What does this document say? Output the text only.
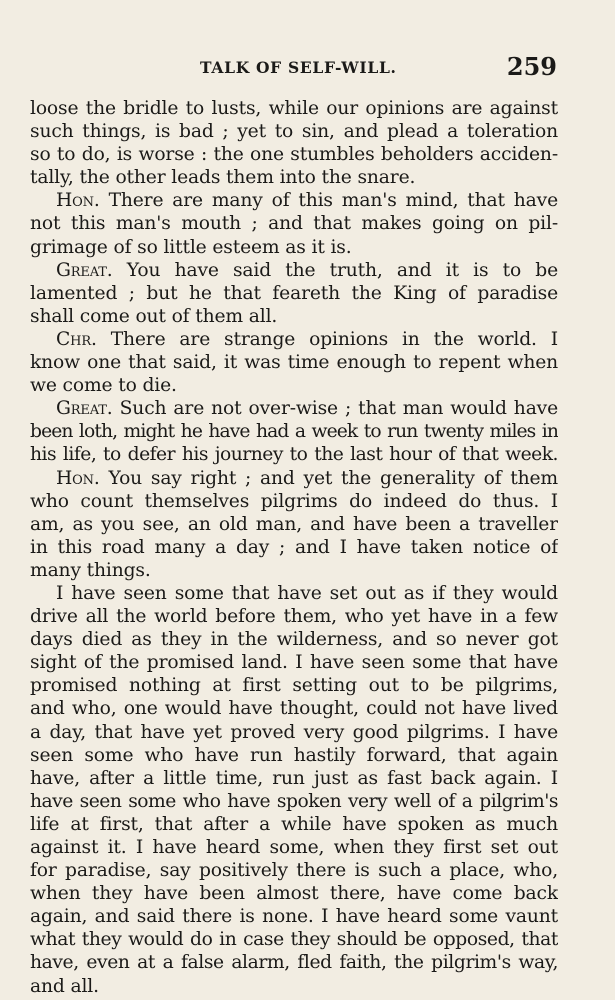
TALK OF SELF-WILL.	259
loose the bridle to lusts, while our opinions are against
such things, is bad ; yet to sin, and plead a toleration
so to do, is worse : the one stumbles beholders acciden-
tally, the other leads them into the snare.
Hon. There are many of this man's mind, that have
not this man's mouth ; and that makes going on pil-
grimage of so little esteem as it is.
Great. You have said the truth, and it is to be
lamented ; but he that feareth the King of paradise
shall come out of them all.
Chr. There are strange opinions in the world. I
know one that said, it was time enough to repent when
we come to die.
Great. Such are not over-wise ; that man would have
been loth, might he have had a week to run twenty miles in
his life, to defer his journey to the last hour of that week.
Hon. You say right ; and yet the generality of them
who count themselves pilgrims do indeed do thus. I
am, as you see, an old man, and have been a traveller
in this road many a day ; and I have taken notice of
many things.
I have seen some that have set out as if they would
drive all the world before them, who yet have in a few
days died as they in the wilderness, and so never got
sight of the promised land. I have seen some that have
promised nothing at first setting out to be pilgrims,
and who, one would have thought, could not have lived
a day, that have yet proved very good pilgrims. I have
seen some who have run hastily forward, that again
have, after a little time, run just as fast back again. I
have seen some who have spoken very well of a pilgrim's
life at first, that after a while have spoken as much
against it. I have heard some, when they first set out
for paradise, say positively there is such a place, who,
when they have been almost there, have come back
again, and said there is none. I have heard some vaunt
what they would do in case they should be opposed, that
have, even at a false alarm, fled faith, the pilgrim's way,
and all.
